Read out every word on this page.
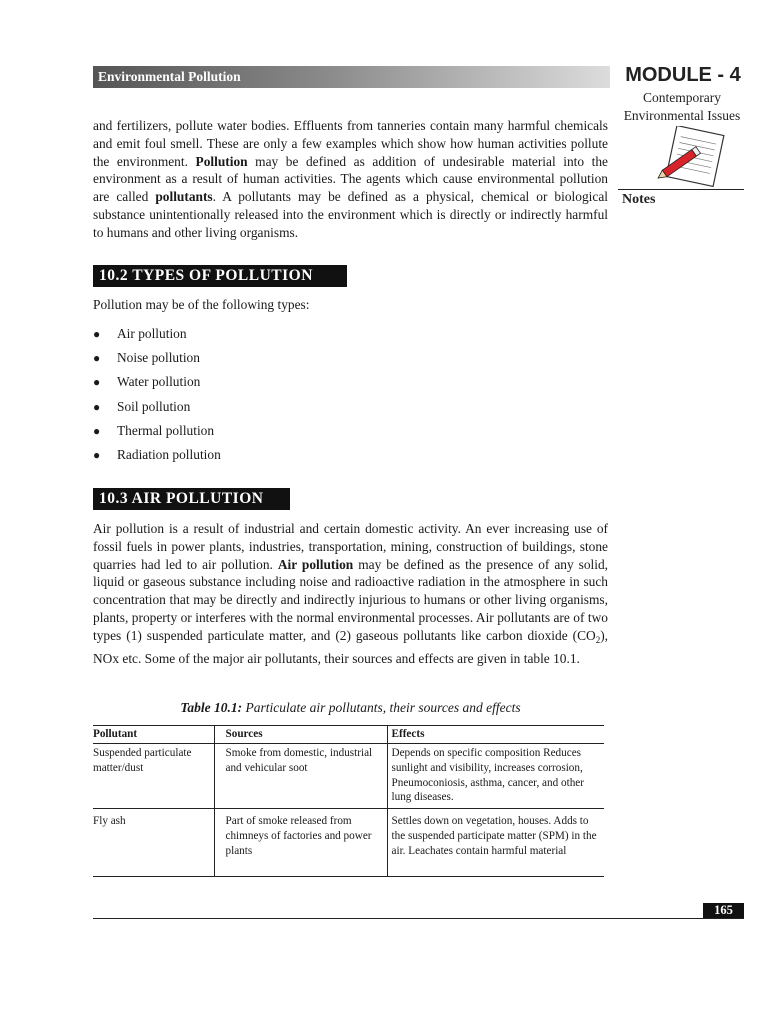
Environmental Pollution	MODULE - 4
Contemporary
Environmental Issues
Notes

and fertilizers, pollute water bodies. Effluents from tanneries contain many harmful chemicals and emit foul smell. These are only a few examples which show how human activities pollute the environment. Pollution may be defined as addition of undesirable material into the environment as a result of human activities. The agents which cause environmental pollution are called pollutants. A pollutants may be defined as a physical, chemical or biological substance unintentionally released into the environment which is directly or indirectly harmful to humans and other living organisms.

10.2 TYPES OF POLLUTION
Pollution may be of the following types:
● Air pollution
● Noise pollution
● Water pollution
● Soil pollution
● Thermal pollution
● Radiation pollution
10.3 AIR POLLUTION

Air pollution is a result of industrial and certain domestic activity. An ever increasing use of fossil fuels in power plants, industries, transportation, mining, construction of buildings, stone quarries had led to air pollution. Air pollution may be defined as the presence of any solid, liquid or gaseous substance including noise and radioactive radiation in the atmosphere in such concentration that may be directly and indirectly injurious to humans or other living organisms, plants, property or interferes with the normal environmental processes. Air pollutants are of two types (1) suspended particulate matter, and (2) gaseous pollutants like carbon dioxide $(CO_2)$, NOx etc. Some of the major air pollutants, their sources and effects are given in table 10.1.

Table 10.1: Particulate air pollutants, their sources and effects
Pollutant	Sources	Effects
Suspended particulate matter/dust	Smoke from domestic, industrial and vehicular soot	Depends on specific composition Reduces sunlight and visibility, increases corrosion, Pneumoconiosis, asthma, cancer, and other lung diseases.
Fly ash	Part of smoke released from chimneys of factories and power plants	Settles down on vegetation, houses. Adds to the suspended participate matter (SPM) in the air. Leachates contain harmful material
165
